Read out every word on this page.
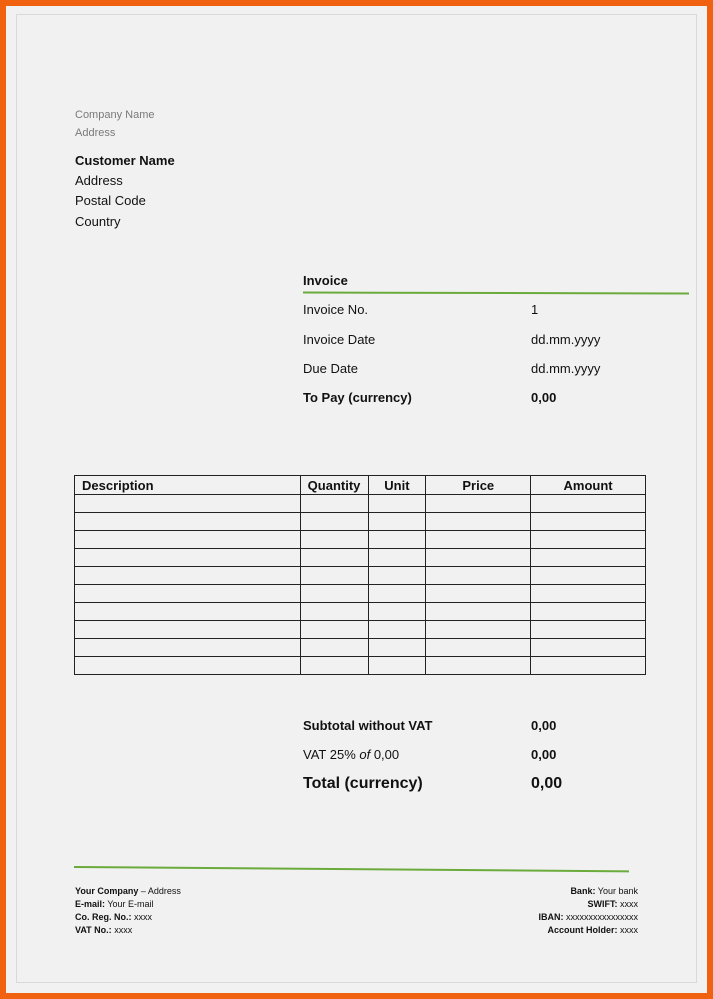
Company Name
Address
Customer Name
Address
Postal Code
Country
Invoice
Invoice No.	1
Invoice Date	dd.mm.yyyy
Due Date	dd.mm.yyyy
To Pay (currency)	0,00
Description	Quantity	Unit	Price	Amount

Subtotal without VAT	0,00
VAT 25% of 0,00	0,00
Total (currency)	0,00
Your Company – Address
E-mail: Your E-mail
Co. Reg. No.: xxxx
VAT No.: xxxx
Bank: Your bank
SWIFT: xxxx
IBAN: xxxxxxxxxxxxxxxx
Account Holder: xxxx
